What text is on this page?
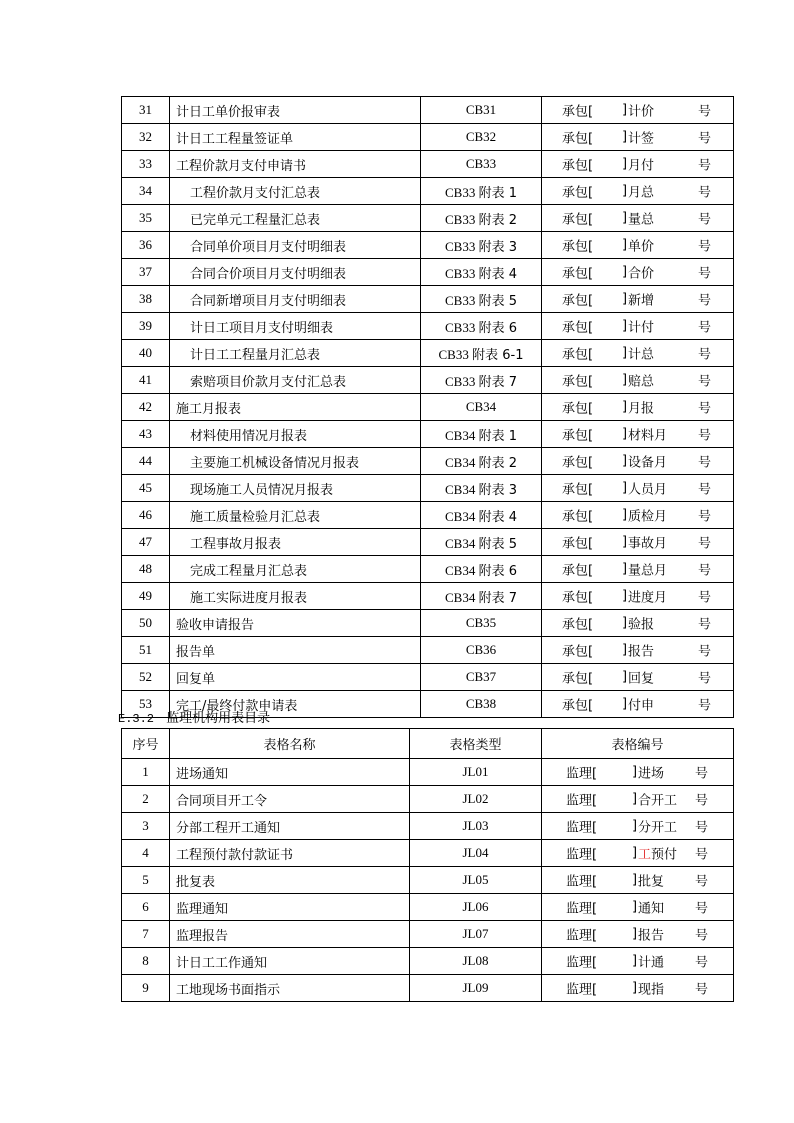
31	计日工单价报审表	CB31	承包[ ] 计价 号

32	计日工工程量签证单	CB32	承包[ ] 计签 号

33	工程价款月支付申请书	CB33	承包[ ] 月付 号

34	工程价款月支付汇总表	CB33 附表 1	承包[ ] 月总 号

35	已完单元工程量汇总表	CB33 附表 2	承包[ ] 量总 号

36	合同单价项目月支付明细表	CB33 附表 3	承包[ ] 单价 号

37	合同合价项目月支付明细表	CB33 附表 4	承包[ ] 合价 号

38	合同新增项目月支付明细表	CB33 附表 5	承包[ ] 新增 号

39	计日工项目月支付明细表	CB33 附表 6	承包[ ] 计付 号

40	计日工工程量月汇总表	CB33 附表 6-1	承包[ ] 计总 号

41	索赔项目价款月支付汇总表	CB33 附表 7	承包[ ] 赔总 号

42	施工月报表	CB34	承包[ ] 月报 号

43	材料使用情况月报表	CB34 附表 1	承包[ ] 材料月 号

44	主要施工机械设备情况月报表	CB34 附表 2	承包[ ] 设备月 号

45	现场施工人员情况月报表	CB34 附表 3	承包[ ] 人员月 号

46	施工质量检验月汇总表	CB34 附表 4	承包[ ] 质检月 号

47	工程事故月报表	CB34 附表 5	承包[ ] 事故月 号

48	完成工程量月汇总表	CB34 附表 6	承包[ ] 量总月 号

49	施工实际进度月报表	CB34 附表 7	承包[ ] 进度月 号

50	验收申请报告	CB35	承包[ ] 验报 号

51	报告单	CB36	承包[ ] 报告 号

52	回复单	CB37	承包[ ] 回复 号

53	完工/最终付款申请表	CB38	承包[ ] 付申 号
E.3.2 监理机构用表目录
序号	表格名称	表格类型	表格编号
1	进场通知	JL01	监理[ ] 进场 号

2	合同项目开工令	JL02	监理[ ] 合开工 号

3	分部工程开工通知	JL03	监理[ ] 分开工 号

4	工程预付款付款证书	JL04	监理[ ] 工 预付 号

5	批复表	JL05	监理[ ] 批复 号

6	监理通知	JL06	监理[ ] 通知 号

7	监理报告	JL07	监理[ ] 报告 号

8	计日工工作通知	JL08	监理[ ] 计通 号

9	工地现场书面指示	JL09	监理[ ] 现指 号
